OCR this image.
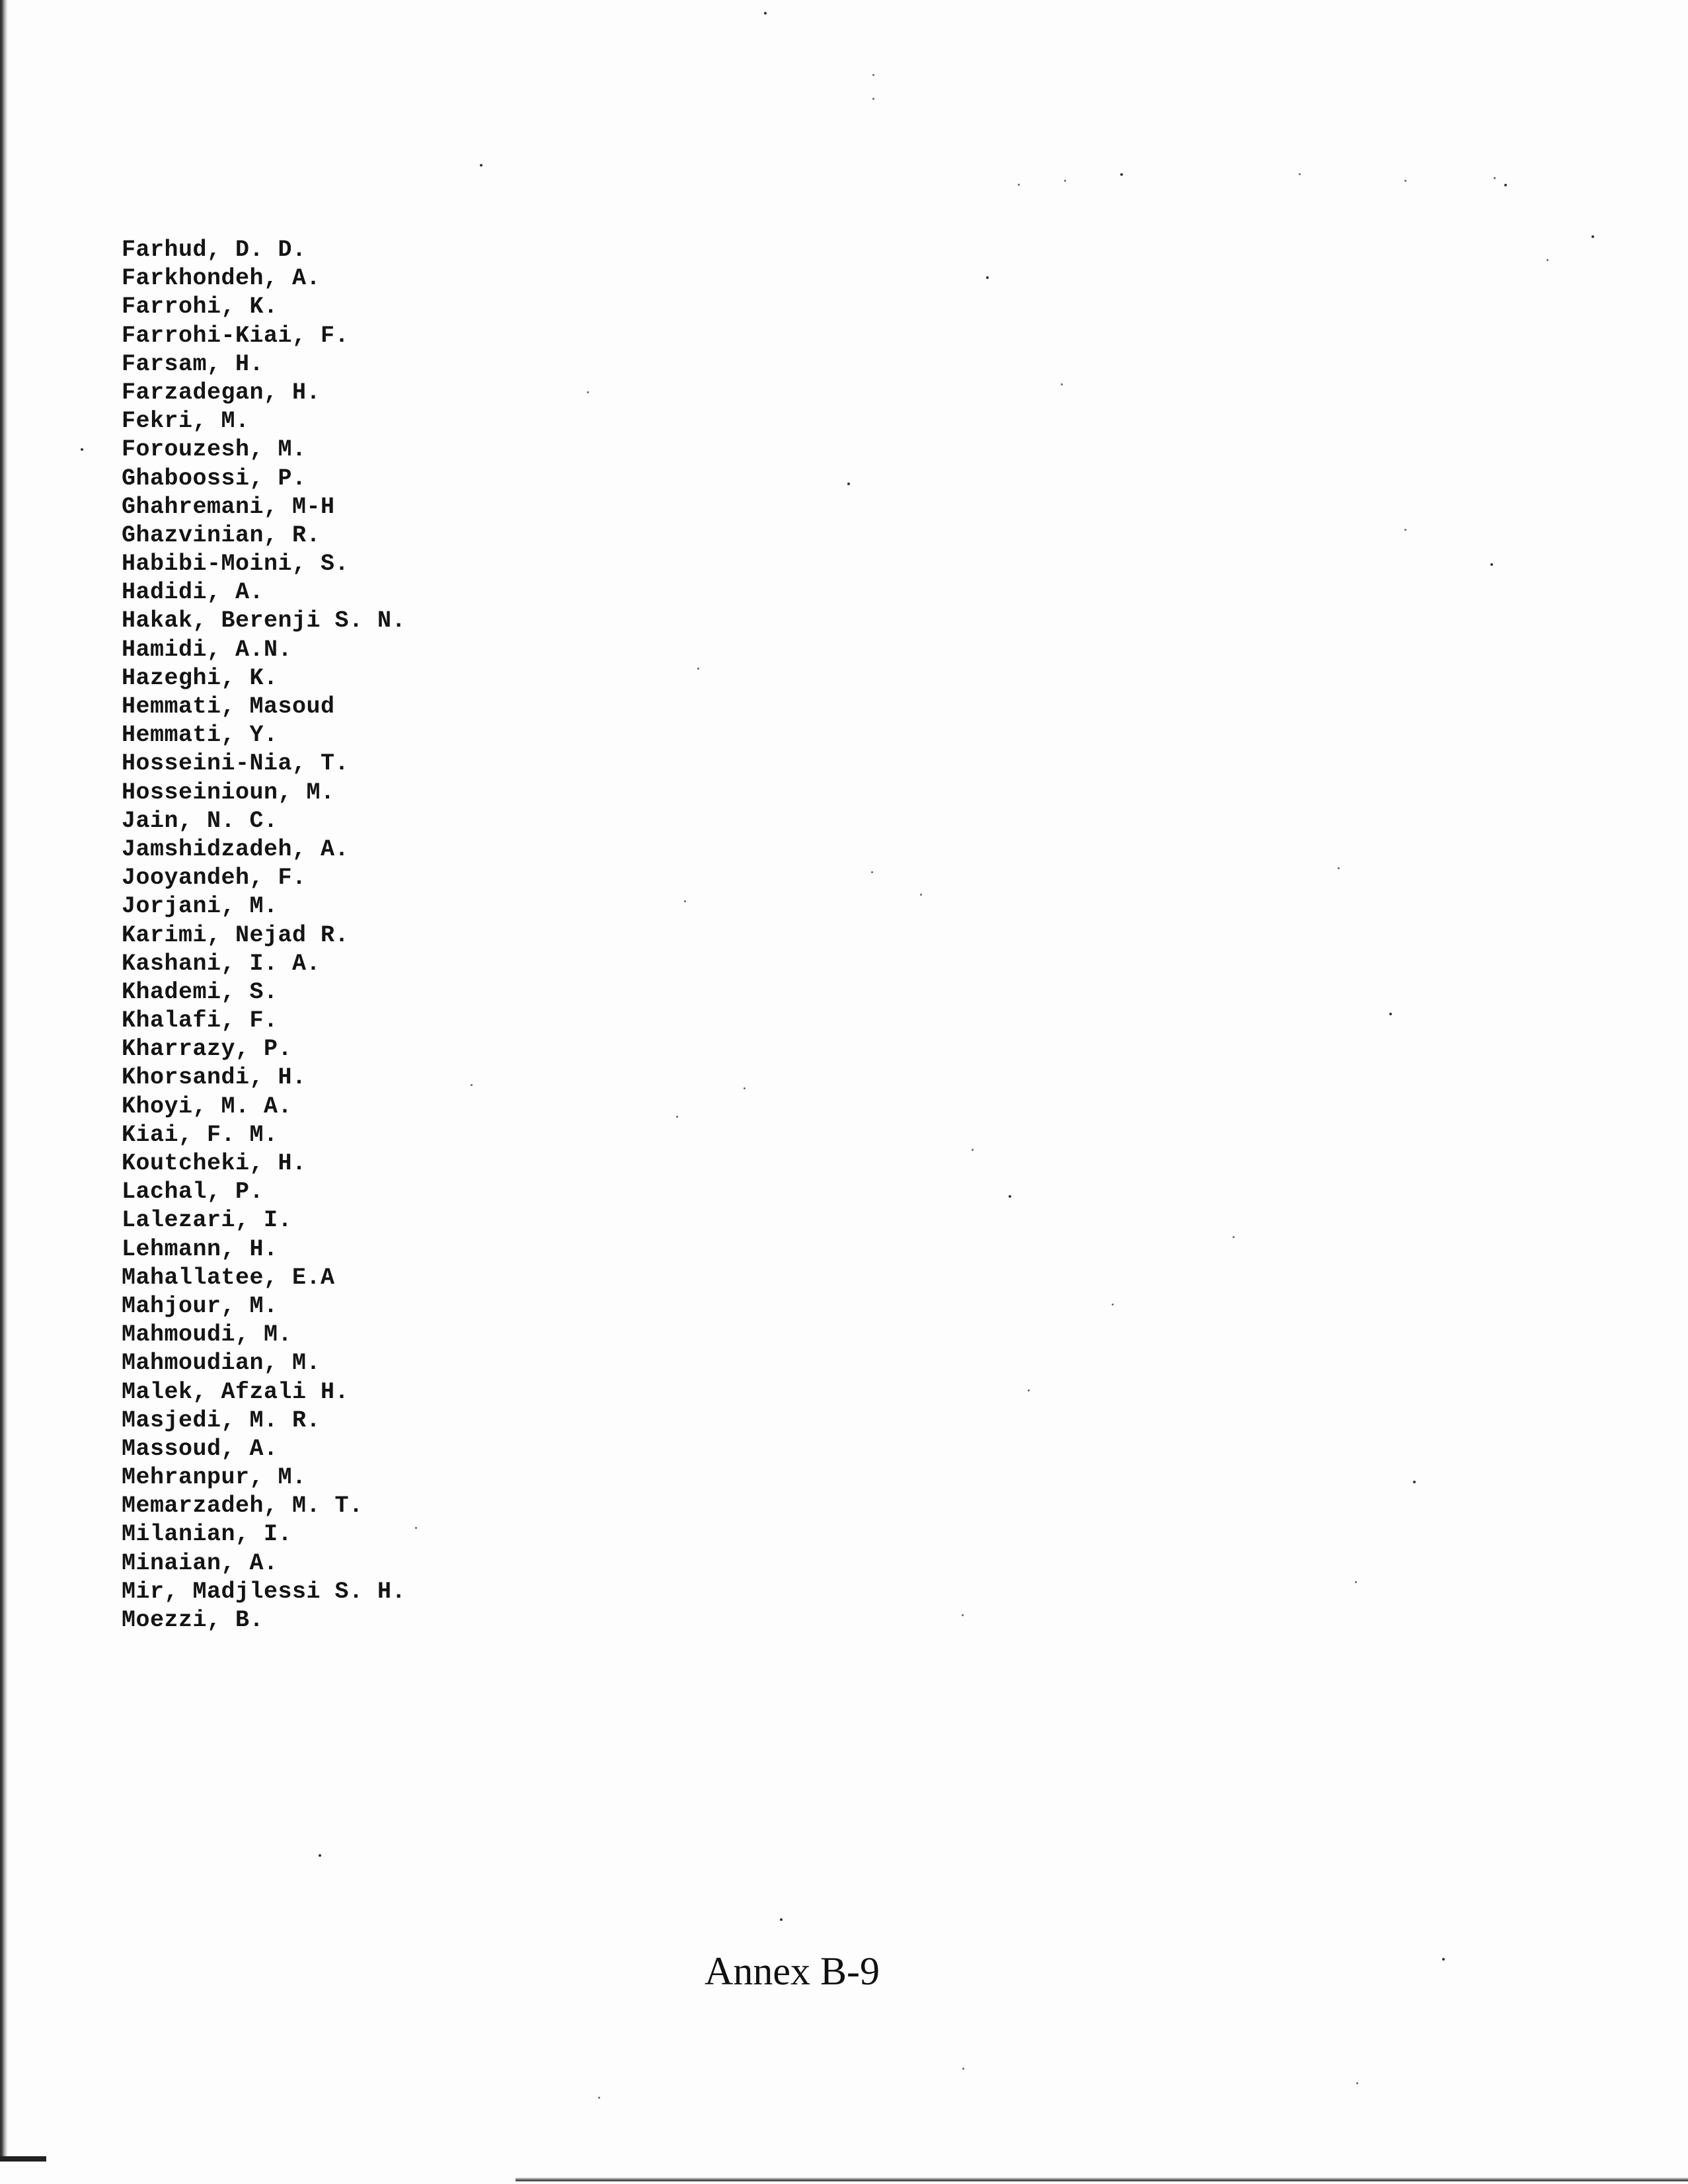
Farhud, D. D.
Farkhondeh, A.
Farrohi, K.
Farrohi-Kiai, F.
Farsam, H.
Farzadegan, H.
Fekri, M.
Forouzesh, M.
Ghaboossi, P.
Ghahremani, M-H
Ghazvinian, R.
Habibi-Moini, S.
Hadidi, A.
Hakak, Berenji S. N.
Hamidi, A.N.
Hazeghi, K.
Hemmati, Masoud
Hemmati, Y.
Hosseini-Nia, T.
Hosseinioun, M.
Jain, N. C.
Jamshidzadeh, A.
Jooyandeh, F.
Jorjani, M.
Karimi, Nejad R.
Kashani, I. A.
Khademi, S.
Khalafi, F.
Kharrazy, P.
Khorsandi, H.
Khoyi, M. A.
Kiai, F. M.
Koutcheki, H.
Lachal, P.
Lalezari, I.
Lehmann, H.
Mahallatee, E.A
Mahjour, M.
Mahmoudi, M.
Mahmoudian, M.
Malek, Afzali H.
Masjedi, M. R.
Massoud, A.
Mehranpur, M.
Memarzadeh, M. T.
Milanian, I.
Minaian, A.
Mir, Madjlessi S. H.
Moezzi, B.
Annex B-9
